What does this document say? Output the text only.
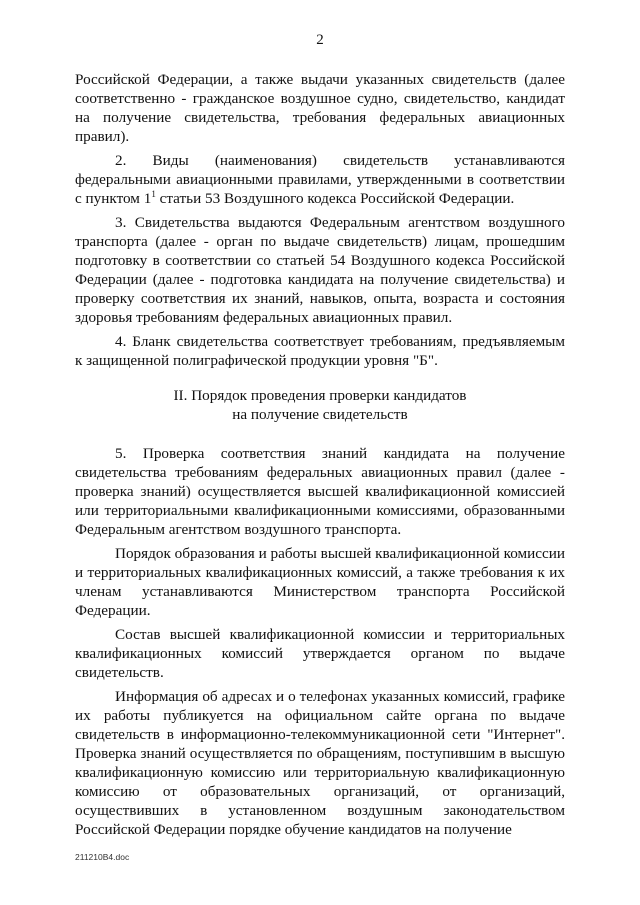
2

Российской Федерации, а также выдачи указанных свидетельств (далее соответственно - гражданское воздушное судно, свидетельство, кандидат на получение свидетельства, требования федеральных авиационных правил).

2. Виды (наименования) свидетельств устанавливаются федеральными авиационными правилами, утвержденными в соответствии с пунктом $1^1$ статьи 53 Воздушного кодекса Российской Федерации.

3. Свидетельства выдаются Федеральным агентством воздушного транспорта (далее - орган по выдаче свидетельств) лицам, прошедшим подготовку в соответствии со статьей 54 Воздушного кодекса Российской Федерации (далее - подготовка кандидата на получение свидетельства) и проверку соответствия их знаний, навыков, опыта, возраста и состояния здоровья требованиям федеральных авиационных правил.

4. Бланк свидетельства соответствует требованиям, предъявляемым к защищенной полиграфической продукции уровня "Б".

II. Порядок проведения проверки кандидатов
на получение свидетельств

5. Проверка соответствия знаний кандидата на получение свидетельства требованиям федеральных авиационных правил (далее - проверка знаний) осуществляется высшей квалификационной комиссией или территориальными квалификационными комиссиями, образованными Федеральным агентством воздушного транспорта.

Порядок образования и работы высшей квалификационной комиссии и территориальных квалификационных комиссий, а также требования к их членам устанавливаются Министерством транспорта Российской Федерации.

Состав высшей квалификационной комиссии и территориальных квалификационных комиссий утверждается органом по выдаче свидетельств.

Информация об адресах и о телефонах указанных комиссий, графике их работы публикуется на официальном сайте органа по выдаче свидетельств в информационно-телекоммуникационной сети "Интернет". Проверка знаний осуществляется по обращениям, поступившим в высшую квалификационную комиссию или территориальную квалификационную комиссию от образовательных организаций, от организаций, осуществивших в установленном воздушным законодательством Российской Федерации порядке обучение кандидатов на получение

211210B4.doc
